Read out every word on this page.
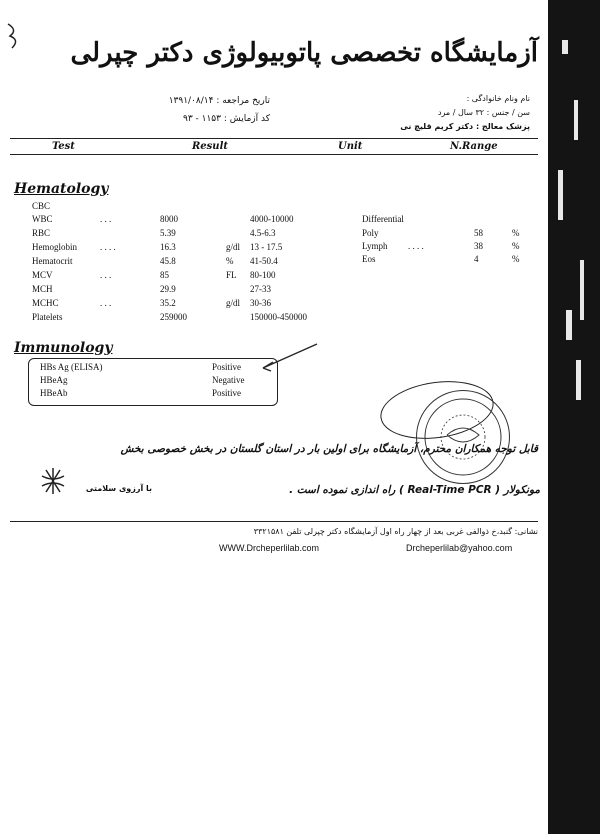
آزمایشگاه تخصصی پاتوبیولوژی دکتر چپرلی
تاریخ مراجعه : ۱۳۹۱/۰۸/۱۴
کد آزمایش : ۱۱۵۳ - ۹۳
نام ونام خانوادگی :
سن / جنس : ۳۲ سال / مرد
پزشک معالج : دکتر کریم قلیچ نی
Test	Result	Unit	N.Range
Hematology
CBC
WBC	. . .	8000	4000-10000
RBC	5.39	4.5-6.3
Hemoglobin	. . . .	16.3	g/dl 13 - 17.5
Hematocrit	45.8	% 41-50.4
MCV	. . .	85	FL 80-100
MCH	29.9	27-33
MCHC	. . .	35.2	g/dl 30-36
Platelets	259000	150000-450000
Differential
Poly	58	%
Lymph . . . .	38	%
Eos	4	%
Immunology
HBs Ag (ELISA)	Positive
HBeAg	Negative
HBeAb	Positive
قابل توجه همکاران محترم، آزمایشگاه برای اولین بار در استان گلستان در بخش خصوصی بخش
مونکولار ( Real-Time PCR ) راه اندازی نموده است .
با آرزوی سلامتی
نشانی: گنبد،خ ذوالفی غربی بعد از چهار راه اول آزمایشگاه دکتر چپرلی تلفن ۳۳۲۱۵۸۱
WWW.Drcheperlilab.com	Drcheperlilab@yahoo.com
